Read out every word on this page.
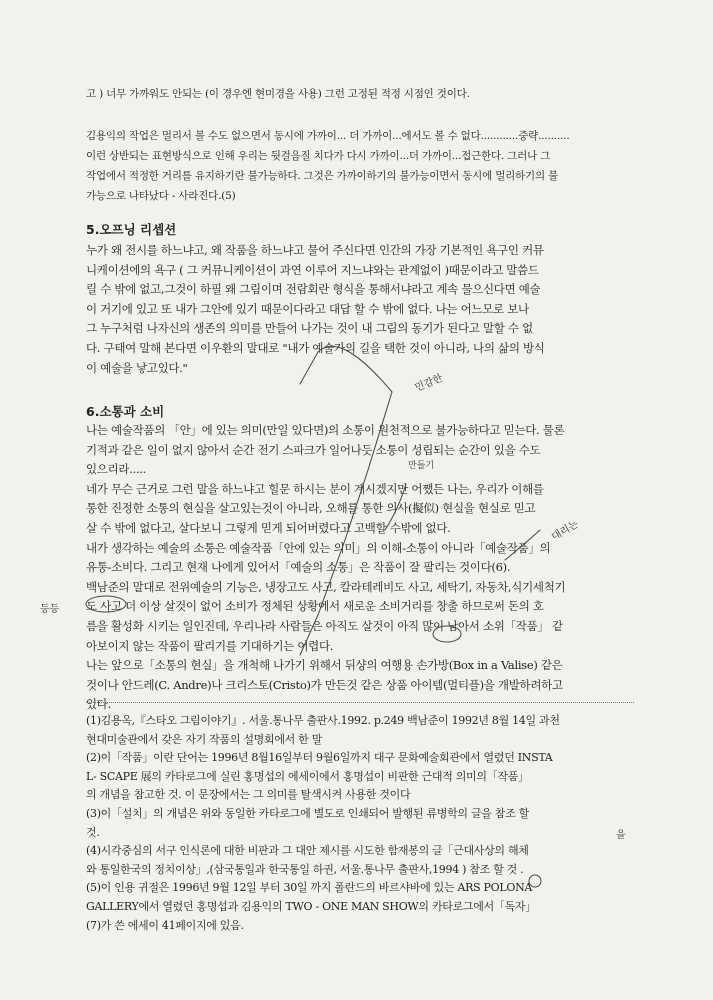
고 ) 너무 가까워도 안되는 (이 경우엔 현미경을 사용) 그런 고정된 적정 시점인 것이다.

김용익의 작업은 멀리서 볼 수도 없으면서 동시에 가까이... 더 가까이...에서도 볼 수 없다............중략..........

이런 상반되는 표현방식으로 인해 우리는 뒷걸음질 치다가 다시 가까이...더 가까이...접근한다. 그러나 그

작업에서 적정한 거리를 유지하기란 불가능하다. 그것은 가까이하기의 불가능이면서 동시에 멀리하기의 불

가능으로 나타났다 - 사라진다.(5)

5.오프닝 리셉션

누가 왜 전시를 하느냐고, 왜 작품을 하느냐고 물어 주신다면 인간의 가장 기본적인 욕구인 커뮤

니케이션에의 욕구 ( 그 커뮤니케이션이 과연 이루어 지느냐와는 관계없이 )때문이라고 말씀드

릴 수 밖에 없고,그것이 하필 왜 그림이며 전람회란 형식을 통해서냐라고 계속 물으신다면 예술

이 거기에 있고 또 내가 그안에 있기 때문이다라고 대답 할 수 밖에 없다. 나는 어느모로 보나

그 누구처럼 나자신의 생존의 의미를 만들어 나가는 것이 내 그림의 동기가 된다고 말할 수 없

다. 구태여 말해 본다면 이우환의 말대로 "내가 예술가의 길을 택한 것이 아니라, 나의 삶의 방식

이 예술을 낳고있다."

6.소통과 소비

나는 예술작품의 「안」에 있는 의미(만일 있다면)의 소통이 원천적으로 불가능하다고 믿는다. 물론

기적과 같은 일이 없지 않아서 순간 전기 스파크가 일어나듯 소통이 성립되는 순간이 있을 수도

있으리라.....

네가 무슨 근거로 그런 말을 하느냐고 힐문 하시는 분이 계시겠지만 어쨌든 나는, 우리가 이해를

통한 진정한 소통의 현실을 살고있는것이 아니라, 오해를 통한 의사(擬似) 현실을 현실로 믿고

살 수 밖에 없다고, 살다보니 그렇게 믿게 되어버렸다고 고백할 수밖에 없다.

내가 생각하는 예술의 소통은 예술작품「안에 있는 의미」의 이해-소통이 아니라「예술작품」의

유통-소비다. 그리고 현재 나에게 있어서「예술의 소통」은 작품이 잘 팔리는 것이다(6).

백남준의 말대로 전위예술의 기능은, 냉장고도 사고, 칼라테레비도 사고, 세탁기, 자동차,식기세척기

도 사고 더 이상 살것이 없어 소비가 정체된 상황에서 새로운 소비거리를 창출 하므로써 돈의 호

름을 활성화 시키는 일인진데, 우리나라 사람들은 아직도 살것이 아직 많이 남아서 소위「작품」 같

아보이지 않는 작품이 팔리기를 기대하기는 어렵다.

나는 앞으로「소통의 현실」을 개척해 나가기 위해서 뒤샹의 여행용 손가방(Box in a Valise) 같은

것이나 안드레(C. Andre)나 크리스토(Cristo)가 만든것 같은 상품 아이템(멀티플)을 개발하려하고

있다.

(1)김용옥,『스타오 그림이야기』. 서울.통나무 출판사.1992. p.249 백남준이 1992년 8월 14일 과천

현대미술관에서 갖은 자기 작품의 설명회에서 한 말

(2)이「작품」이란 단어는 1996년 8월16일부터 9월6일까지 대구 문화예술회관에서 열렸던 INSTA

L- SCAPE 展의 카타로그에 실린 홍명섭의 에세이에서 홍명섭이 비판한 근대적 의미의「작품」

의 개념을 참고한 것. 이 문장에서는 그 의미를 탈색시켜 사용한 것이다

(3)이「설치」의 개념은 위와 동일한 카타로그에 별도로 인쇄되어 발행된 류병학의 글을 참조 할

것.

(4)시각중심의 서구 인식론에 대한 비판과 그 대안 제시를 시도한 함재봉의 글「근대사상의 해체

와 통일한국의 정치이상」,(삼국통일과 한국통일 하권, 서울.통나무 출판사,1994 ) 참조 할 것 .

(5)이 인용 귀절은 1996년 9월 12일 부터 30일 까지 폴란드의 바르샤바에 있는 ARS POLONA

GALLERY에서 열렸던 홍명섭과 김용익의 TWO - ONE MAN SHOW의 카타로그에서「독자」

(7)가 쓴 에세이 41페이지에 있음.

민감한
만들기
대리는
등등
을
